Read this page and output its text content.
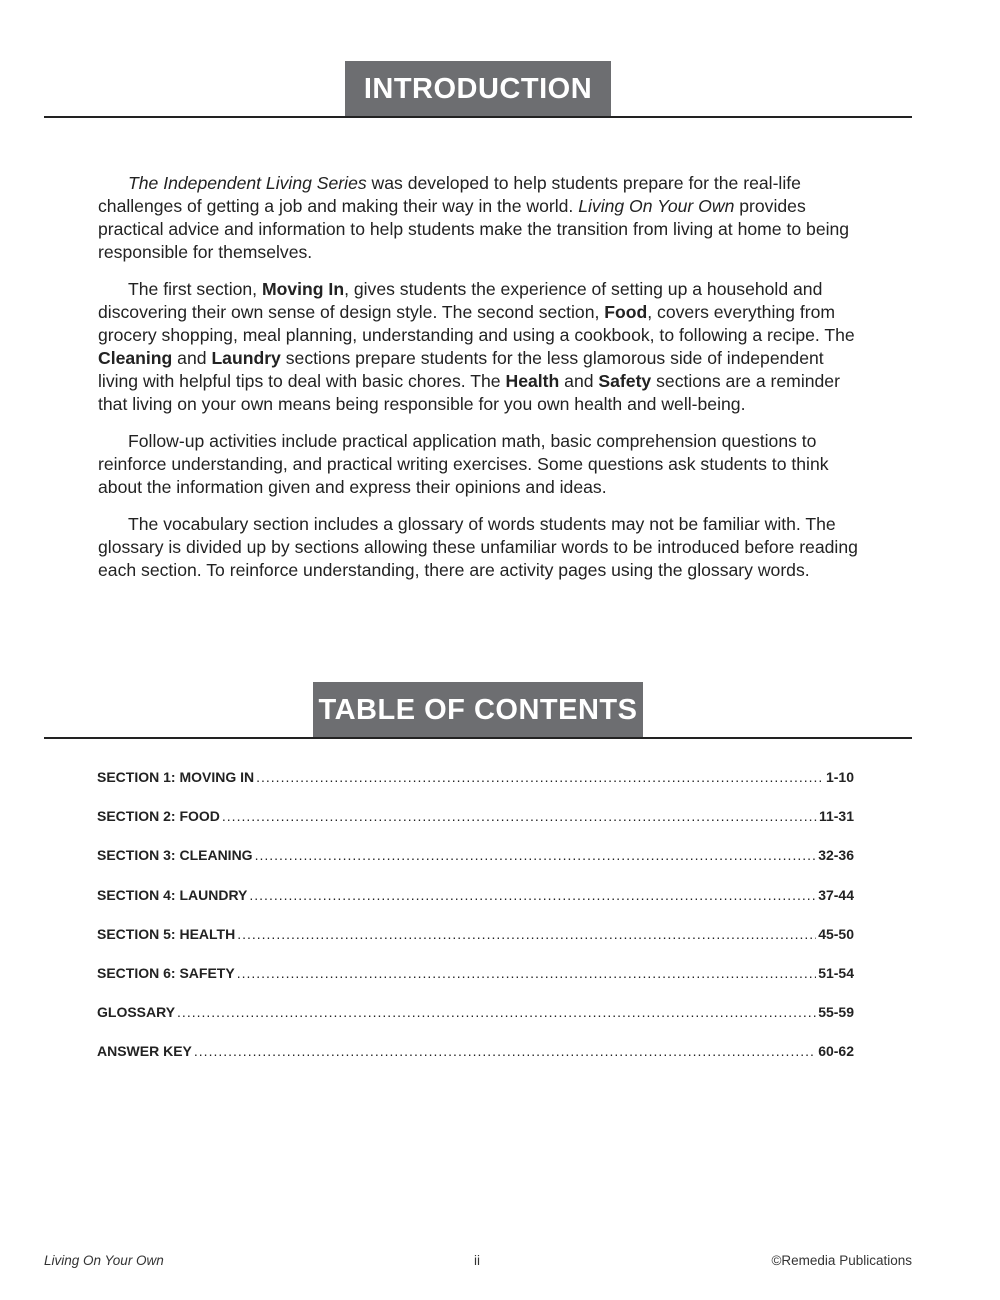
INTRODUCTION

The Independent Living Series was developed to help students prepare for the real-life challenges of getting a job and making their way in the world. Living On Your Own provides practical advice and information to help students make the transition from living at home to being responsible for themselves.

The first section, Moving In, gives students the experience of setting up a household and discovering their own sense of design style. The second section, Food, covers everything from grocery shopping, meal planning, understanding and using a cookbook, to following a recipe. The Cleaning and Laundry sections prepare students for the less glamorous side of independent living with helpful tips to deal with basic chores. The Health and Safety sections are a reminder that living on your own means being responsible for you own health and well-being.

Follow-up activities include practical application math, basic comprehension questions to reinforce understanding, and practical writing exercises. Some questions ask students to think about the information given and express their opinions and ideas.

The vocabulary section includes a glossary of words students may not be familiar with. The glossary is divided up by sections allowing these unfamiliar words to be introduced before reading each section. To reinforce understanding, there are activity pages using the glossary words.

TABLE OF CONTENTS
SECTION 1: MOVING IN .....	1-10
SECTION 2: FOOD .....	11-31
SECTION 3: CLEANING .....	32-36
SECTION 4: LAUNDRY .....	37-44
SECTION 5: HEALTH .....	45-50
SECTION 6: SAFETY .....	51-54
GLOSSARY .....	55-59
ANSWER KEY .....	60-62
Living On Your Own	ii	©Remedia Publications
